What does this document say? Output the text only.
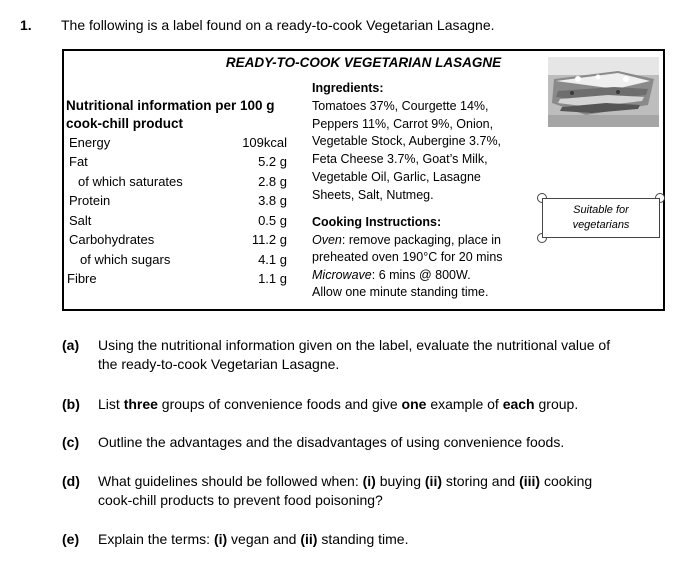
1. The following is a label found on a ready-to-cook Vegetarian Lasagne.
READY-TO-COOK VEGETARIAN LASAGNE
Nutritional information per 100 g
cook-chill product
Energy	109kcal
Fat	5.2 g
of which saturates	2.8 g
Protein	3.8 g
Salt	0.5 g
Carbohydrates	11.2 g
of which sugars	4.1 g
Fibre	1.1 g
Ingredients:
Tomatoes 37%, Courgette 14%,
Peppers 11%, Carrot 9%, Onion,
Vegetable Stock, Aubergine 3.7%,
Feta Cheese 3.7%, Goat’s Milk,
Vegetable Oil, Garlic, Lasagne
Sheets, Salt, Nutmeg.
Cooking Instructions:
Oven: remove packaging, place in
preheated oven 190°C for 20 mins
Microwave: 6 mins @ 800W.
Allow one minute standing time.
Suitable for
vegetarians
(a) Using the nutritional information given on the label, evaluate the nutritional value of
the ready-to-cook Vegetarian Lasagne.
(b) List three groups of convenience foods and give one example of each group.
(c) Outline the advantages and the disadvantages of using convenience foods.
(d) What guidelines should be followed when: (i) buying (ii) storing and (iii) cooking
cook-chill products to prevent food poisoning?
(e) Explain the terms: (i) vegan and (ii) standing time.
